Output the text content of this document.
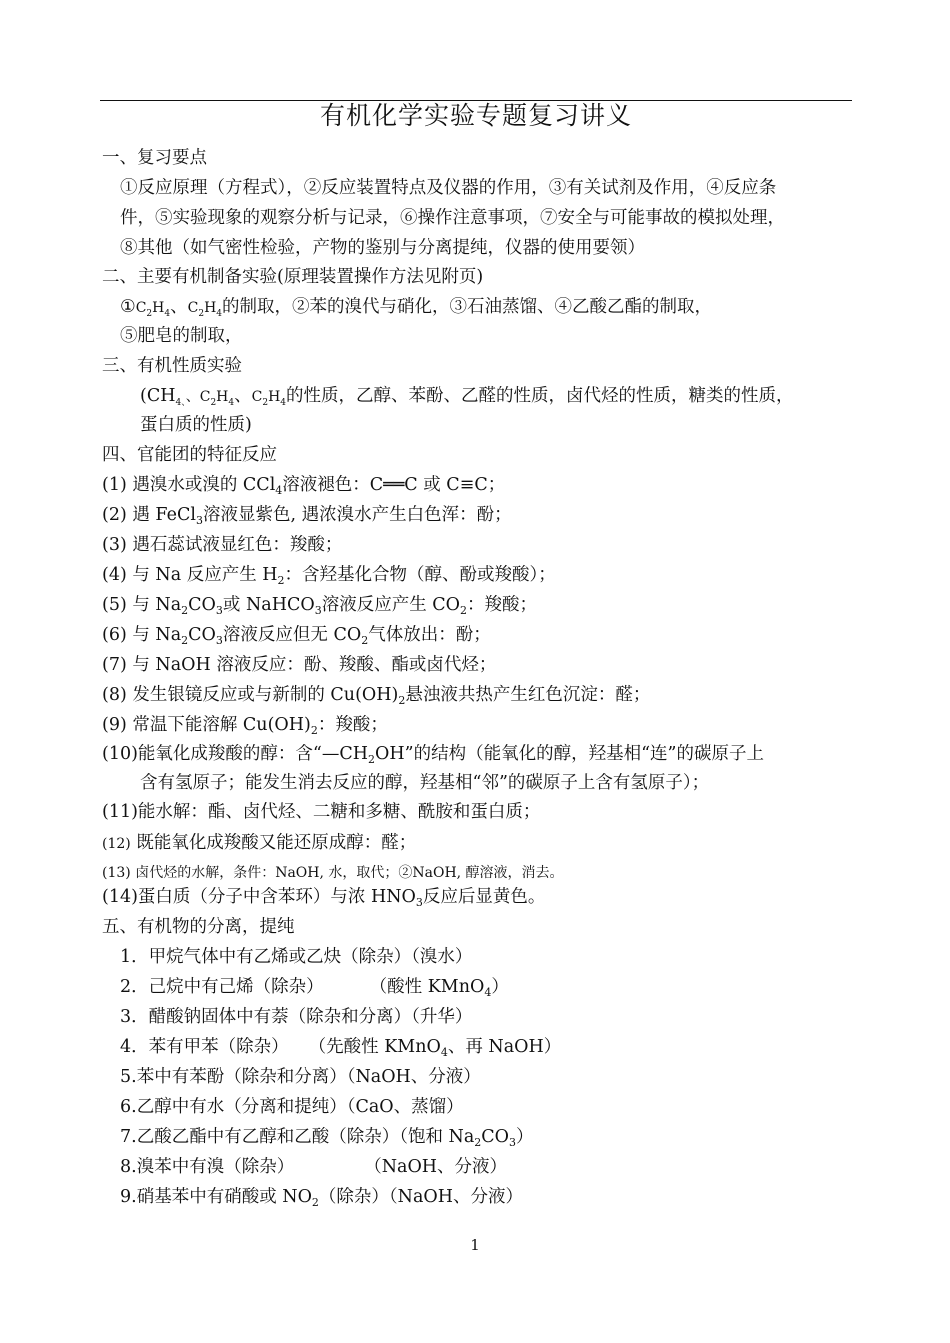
有机化学实验专题复习讲义
一、复习要点
①反应原理（方程式），②反应装置特点及仪器的作用，③有关试剂及作用，④反应条
件，⑤实验现象的观察分析与记录，⑥操作注意事项，⑦安全与可能事故的模拟处理，
⑧其他（如气密性检验，产物的鉴别与分离提纯，仪器的使用要领）
二、主要有机制备实验(原理装置操作方法见附页)
$①C_2H_4$、$C_2H_4$的制取，②苯的溴代与硝化，③石油蒸馏、④乙酸乙酯的制取，
⑤肥皂的制取，
三、有机性质实验
($CH_{4、}$、$C_2H_4$、$C_2H_4$的性质，乙醇、苯酚、乙醛的性质，卤代烃的性质，糖类的性质，
蛋白质的性质)
四、官能团的特征反应
(1) 遇溴水或溴的 CCl$_4$溶液褪色：C══C 或 C≡C；
(2) 遇 FeCl$_3$溶液显紫色, 遇浓溴水产生白色浑：酚；
(3) 遇石蕊试液显红色：羧酸；
(4) 与 Na 反应产生 $H_2$：含羟基化合物（醇、酚或羧酸）；
(5) 与 $Na_2CO_3$或 NaHCO$_3$溶液反应产生 $CO_2$：羧酸；
(6) 与 $Na_2CO_3$溶液反应但无 $CO_2$气体放出：酚；
(7) 与 NaOH 溶液反应：酚、羧酸、酯或卤代烃；
(8) 发生银镜反应或与新制的 $Cu(OH)_2$悬浊液共热产生红色沉淀：醛；
(9) 常温下能溶解 $Cu(OH)_2$：羧酸；
(10)能氧化成羧酸的醇：含“$—CH_2OH$”的结构（能氧化的醇，羟基相“连”的碳原子上
含有氢原子；能发生消去反应的醇，羟基相“邻”的碳原子上含有氢原子）；
(11)能水解：酯、卤代烃、二糖和多糖、酰胺和蛋白质；
(12) 既能氧化成羧酸又能还原成醇：醛；
(13) 卤代烃的水解，条件：NaOH, 水，取代；②NaOH, 醇溶液，消去。
(14)蛋白质（分子中含苯环）与浓 $HNO_3$反应后显黄色。
五、有机物的分离，提纯
1．甲烷气体中有乙烯或乙炔（除杂）（溴水）
2．己烷中有己烯（除杂）	（酸性 KMnO$_4$）
3．醋酸钠固体中有萘（除杂和分离）（升华）
4．苯有甲苯（除杂） （先酸性 KMnO$_4$、再 NaOH）
5.苯中有苯酚（除杂和分离）（NaOH、分液）
6.乙醇中有水（分离和提纯）（CaO、蒸馏）
7.乙酸乙酯中有乙醇和乙酸（除杂）（饱和 $Na_2CO_3$）
8.溴苯中有溴（除杂）	（NaOH、分液）
9.硝基苯中有硝酸或 $NO_2$（除杂）（NaOH、分液）
1
